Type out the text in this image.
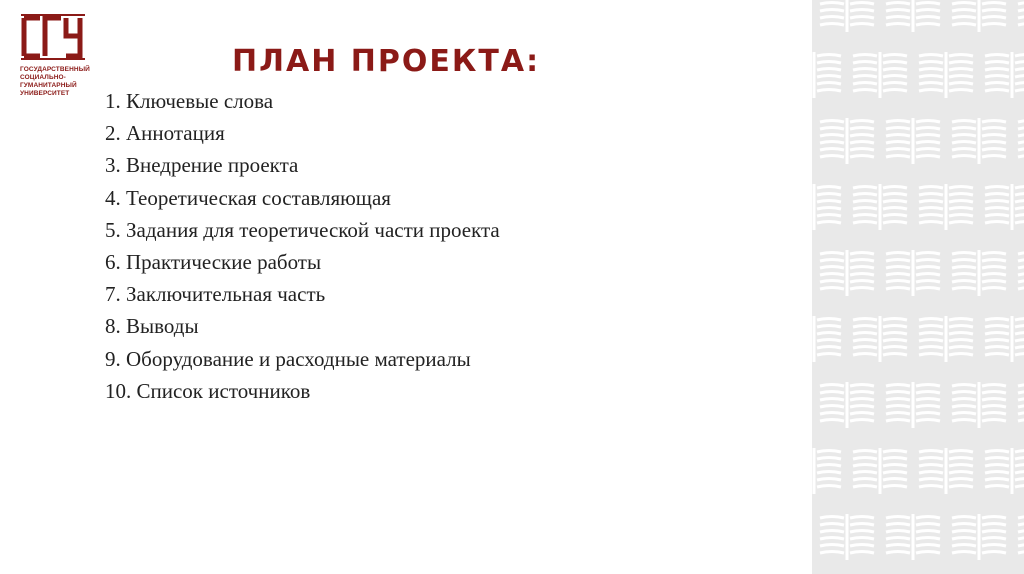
ГОСУДАРСТВЕННЫЙ
СОЦИАЛЬНО-
ГУМАНИТАРНЫЙ
УНИВЕРСИТЕТ
ПЛАН ПРОЕКТА:
1. Ключевые слова
2. Аннотация
3. Внедрение проекта
4. Теоретическая составляющая
5. Задания для теоретической части проекта
6. Практические работы
7. Заключительная часть
8. Выводы
9. Оборудование и расходные материалы
10. Список источников
